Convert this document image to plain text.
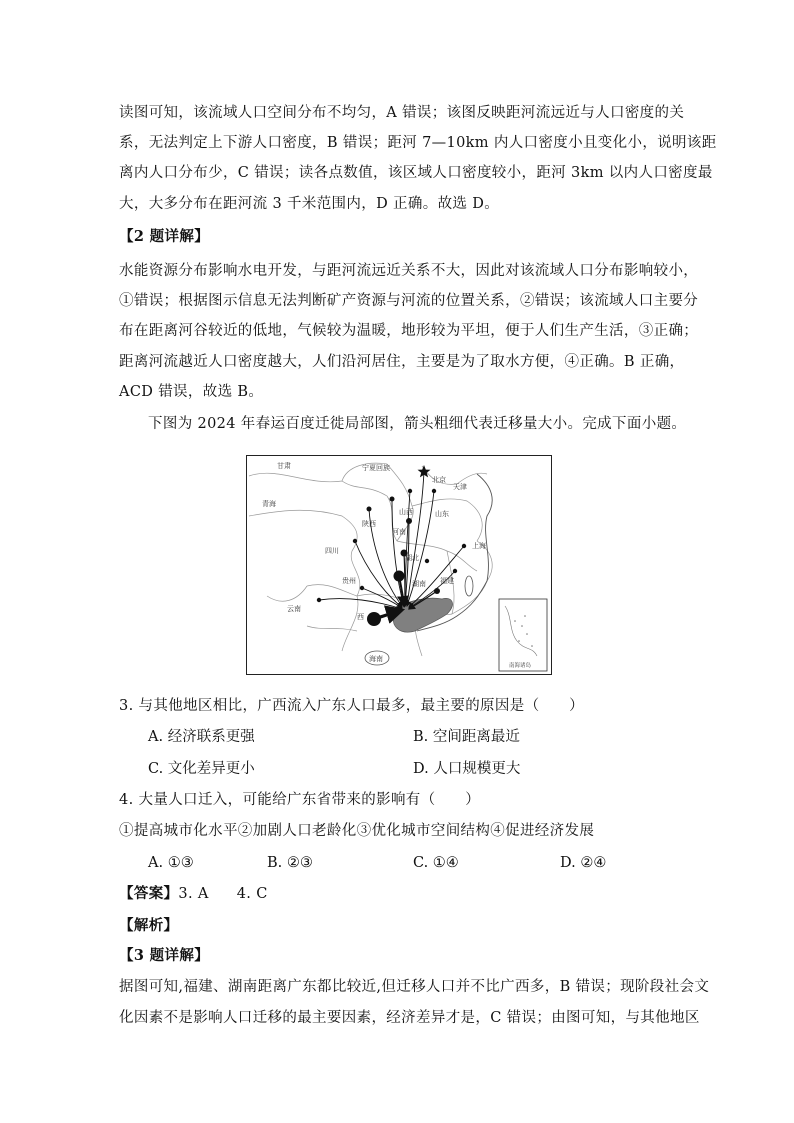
读图可知，该流域人口空间分布不均匀，A 错误；该图反映距河流远近与人口密度的关
系，无法判定上下游人口密度，B 错误；距河 7—10km 内人口密度小且变化小，说明该距
离内人口分布少，C 错误；读各点数值，该区域人口密度较小，距河 3km 以内人口密度最
大，大多分布在距河流 3 千米范围内，D 正确。故选 D。
【2 题详解】
水能资源分布影响水电开发，与距河流远近关系不大，因此对该流域人口分布影响较小，
①错误；根据图示信息无法判断矿产资源与河流的位置关系，②错误；该流域人口主要分
布在距离河谷较近的低地，气候较为温暖，地形较为平坦，便于人们生产生活，③正确；
距离河流越近人口密度越大，人们沿河居住，主要是为了取水方便，④正确。B 正确，
ACD 错误，故选 B。
下图为 2024 年春运百度迁徙局部图，箭头粗细代表迁移量大小。完成下面小题。
甘肃	宁夏回族
北京
天津
青海
山西	山东
陕西
河南
四川
湖北
上海
湖南
贵州	福建
云南
西
海南
南海诸岛
3. 与其他地区相比，广西流入广东人口最多，最主要的原因是（　　）
A. 经济联系更强	B. 空间距离最近
C. 文化差异更小	D. 人口规模更大
4. 大量人口迁入，可能给广东省带来的影响有（　　）
①提高城市化水平②加剧人口老龄化③优化城市空间结构④促进经济发展
A. ①③	B. ②③	C. ①④	D. ②④
【答案】3. A 4. C
【解析】
【3 题详解】
据图可知,福建、湖南距离广东都比较近,但迁移人口并不比广西多，B 错误；现阶段社会文
化因素不是影响人口迁移的最主要因素，经济差异才是，C 错误；由图可知，与其他地区
